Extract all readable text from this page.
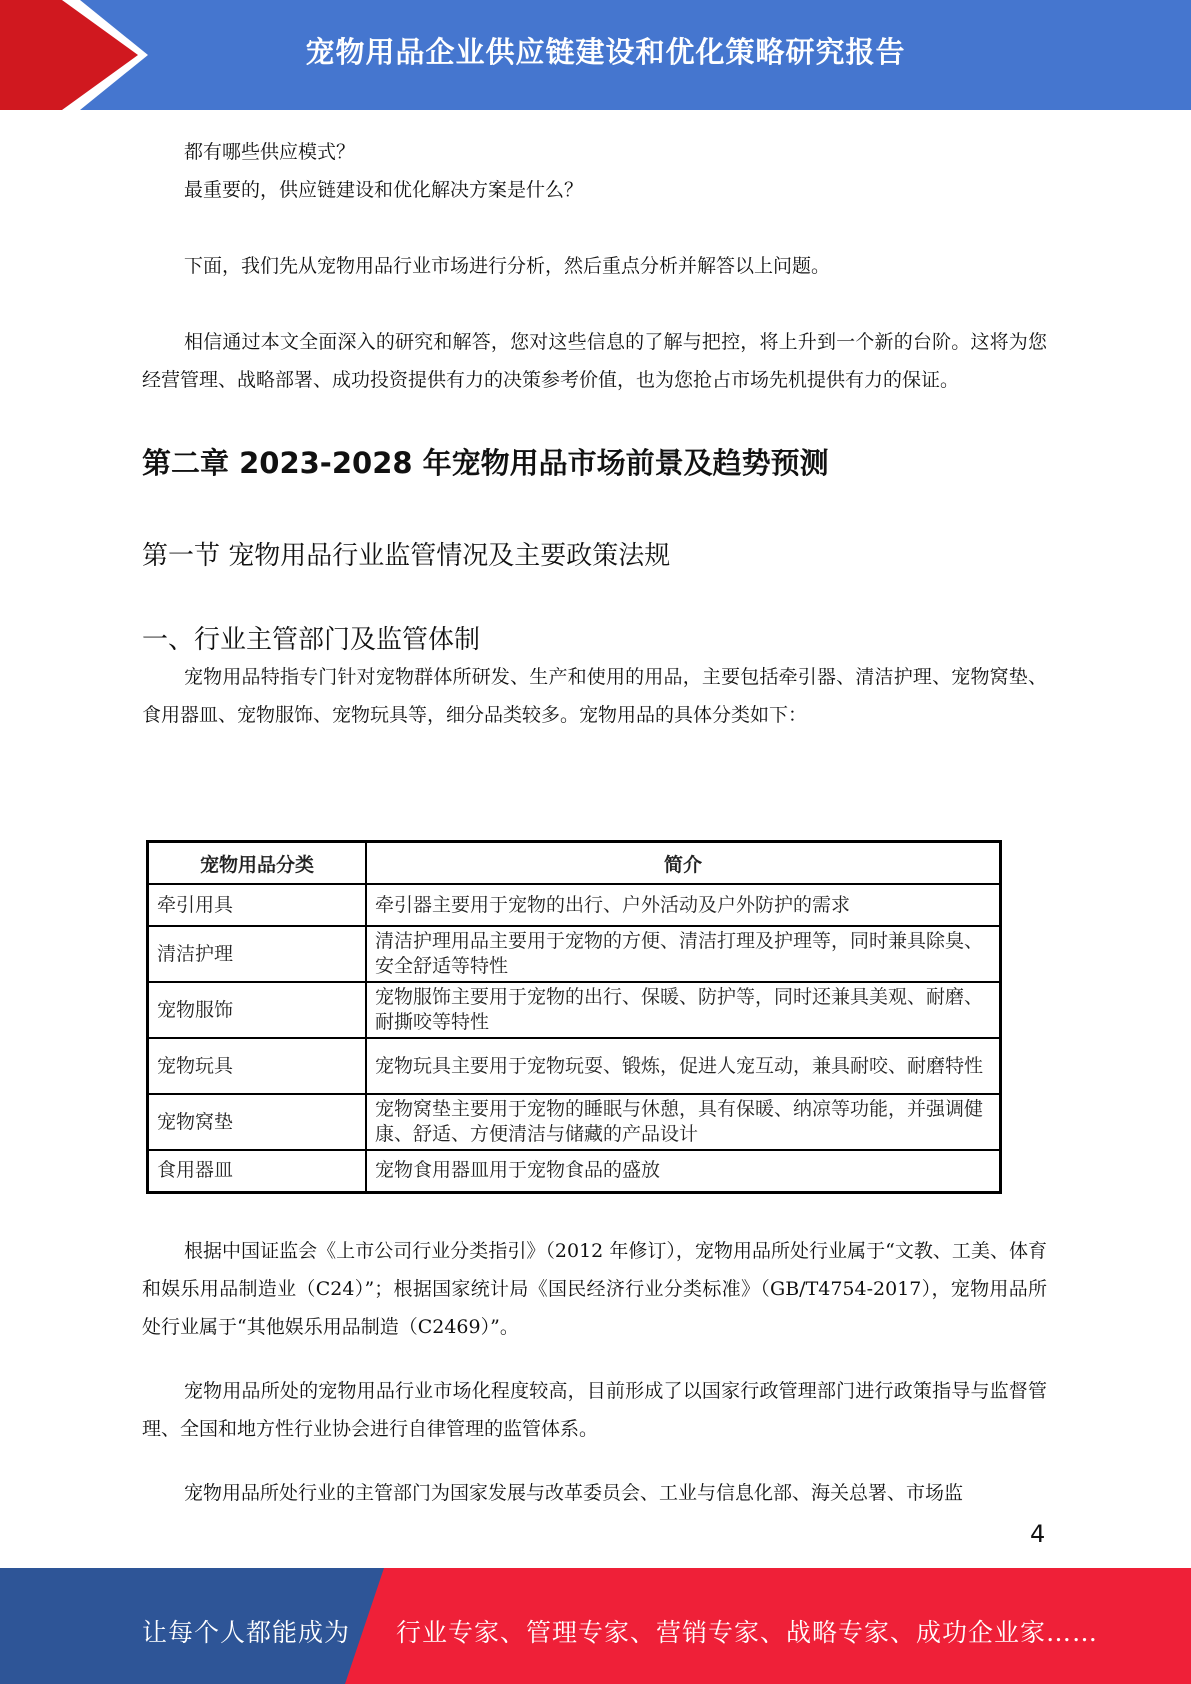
宠物用品企业供应链建设和优化策略研究报告

都有哪些供应模式？

最重要的，供应链建设和优化解决方案是什么？

下面，我们先从宠物用品行业市场进行分析，然后重点分析并解答以上问题。

相信通过本文全面深入的研究和解答，您对这些信息的了解与把控，将上升到一个新的台阶。这将为您经营管理、战略部署、成功投资提供有力的决策参考价值，也为您抢占市场先机提供有力的保证。

第二章 2023-2028 年宠物用品市场前景及趋势预测
第一节 宠物用品行业监管情况及主要政策法规
一、行业主管部门及监管体制

宠物用品特指专门针对宠物群体所研发、生产和使用的用品，主要包括牵引器、清洁护理、宠物窝垫、食用器皿、宠物服饰、宠物玩具等，细分品类较多。宠物用品的具体分类如下：

宠物用品分类	简介
牵引用具	牵引器主要用于宠物的出行、户外活动及户外防护的需求
清洁护理	清洁护理用品主要用于宠物的方便、清洁打理及护理等，同时兼具除臭、安全舒适等特性
宠物服饰	宠物服饰主要用于宠物的出行、保暖、防护等，同时还兼具美观、耐磨、耐撕咬等特性
宠物玩具	宠物玩具主要用于宠物玩耍、锻炼，促进人宠互动，兼具耐咬、耐磨特性
宠物窝垫	宠物窝垫主要用于宠物的睡眠与休憩，具有保暖、纳凉等功能，并强调健康、舒适、方便清洁与储藏的产品设计
食用器皿	宠物食用器皿用于宠物食品的盛放

根据中国证监会《上市公司行业分类指引》（2012 年修订），宠物用品所处行业属于“文教、工美、体育和娱乐用品制造业（C24）”；根据国家统计局《国民经济行业分类标准》（GB/T4754-2017），宠物用品所处行业属于“其他娱乐用品制造（C2469）”。

宠物用品所处的宠物用品行业市场化程度较高，目前形成了以国家行政管理部门进行政策指导与监督管理、全国和地方性行业协会进行自律管理的监管体系。

宠物用品所处行业的主管部门为国家发展与改革委员会、工业与信息化部、海关总署、市场监

4
让每个人都能成为 行业专家、管理专家、营销专家、战略专家、成功企业家……
